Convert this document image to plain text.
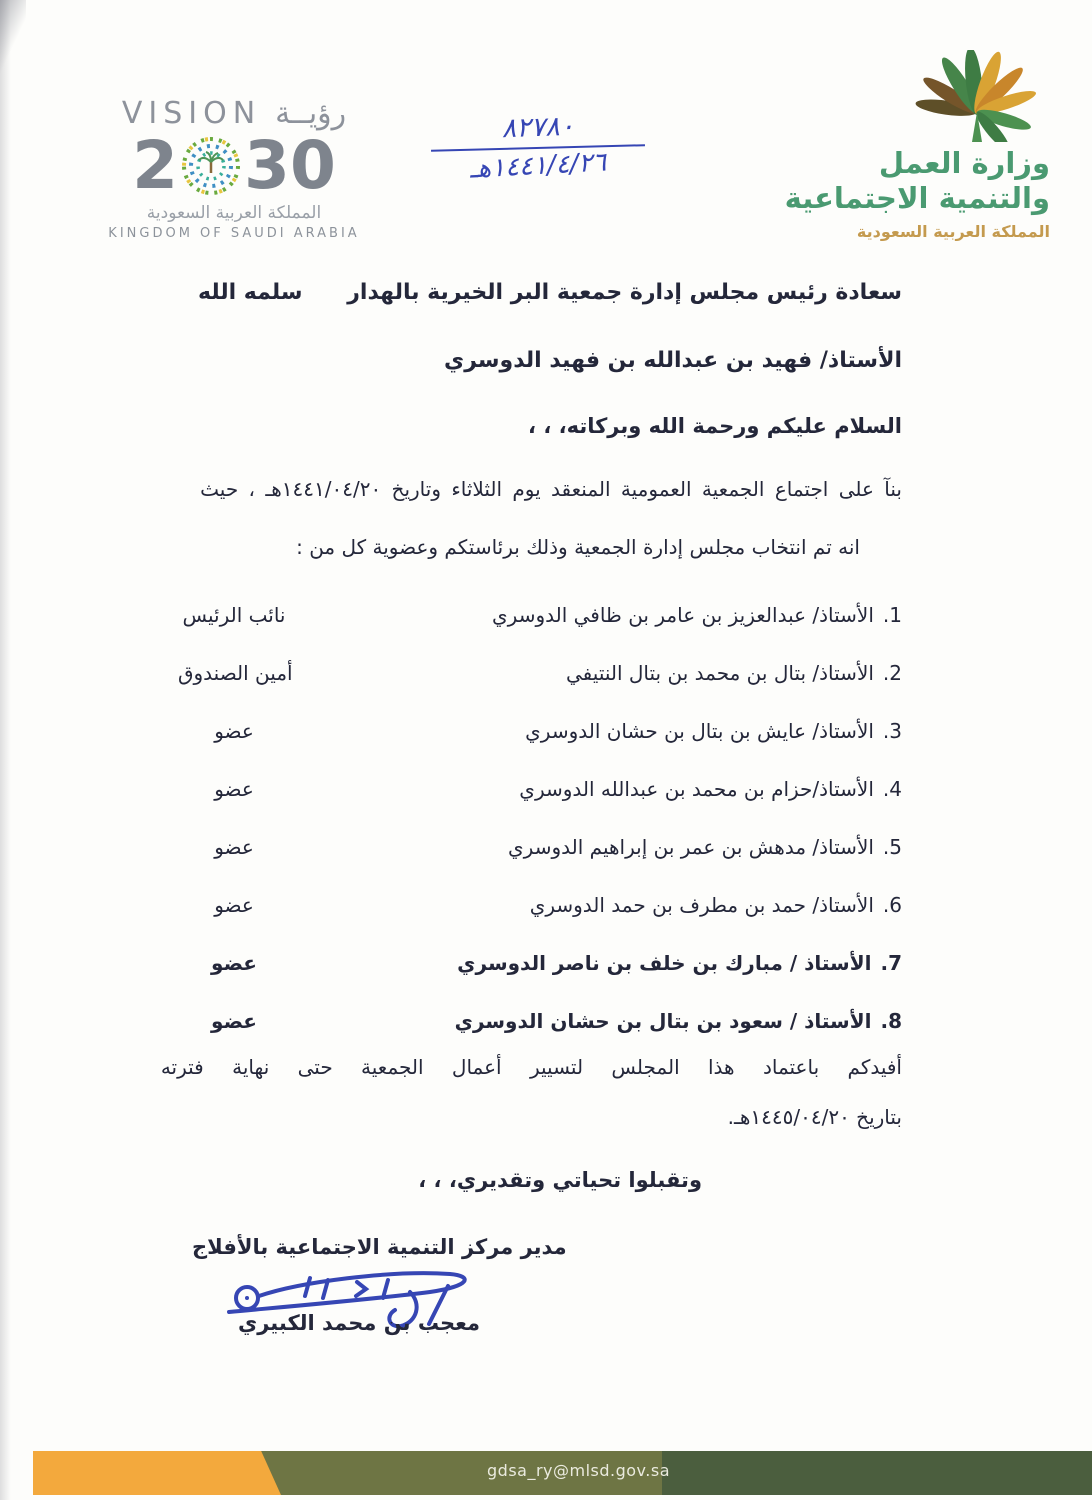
VISION رؤيــة
2 30
المملكة العربية السعودية
KINGDOM OF SAUDI ARABIA
٨٢٧٨٠
١٤٤١/٤/٢٦هـ	وزارة العمل
والتنمية الاجتماعية
المملكة العربية السعودية
سعادة رئيس مجلس إدارة جمعية البر الخيرية بالهدار
سلمه الله
الأستاذ/ فهيد بن عبدالله بن فهيد الدوسري
السلام عليكم ورحمة الله وبركاته، ، ،
بنآ على اجتماع الجمعية العمومية المنعقد يوم الثلاثاء وتاريخ ١٤٤١/٠٤/٢٠هـ ، حيث
انه تم انتخاب مجلس إدارة الجمعية وذلك برئاستكم وعضوية كل من :
1.
الأستاذ/ عبدالعزيز بن عامر بن ظافي الدوسري
نائب الرئيس
2.
الأستاذ/ بتال بن محمد بن بتال النتيفي
أمين الصندوق
3.
الأستاذ/ عايش بن بتال بن حشان الدوسري
عضو
4.
الأستاذ/حزام بن محمد بن عبدالله الدوسري
عضو
5.
الأستاذ/ مدهش بن عمر بن إبراهيم الدوسري
عضو
6.
الأستاذ/ حمد بن مطرف بن حمد الدوسري
عضو
7.
الأستاذ / مبارك بن خلف بن ناصر الدوسري
عضو
8.
الأستاذ / سعود بن بتال بن حشان الدوسري
عضو
أفيدكم باعتماد هذا المجلس لتسيير أعمال الجمعية حتى نهاية فترته
بتاريخ ١٤٤٥/٠٤/٢٠هـ.
وتقبلوا تحياتي وتقديري، ، ،
مدير مركز التنمية الاجتماعية بالأفلاج
معجب بن محمد الكبيري
gdsa_ry@mlsd.gov.sa
